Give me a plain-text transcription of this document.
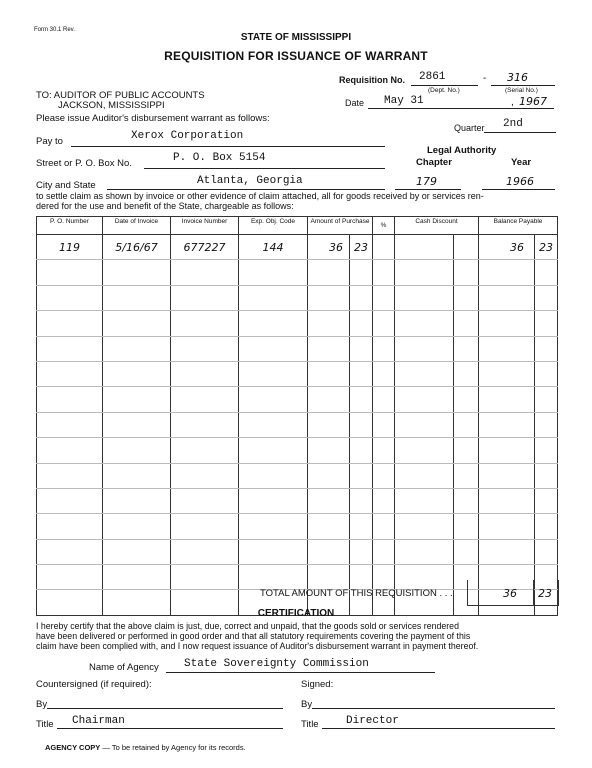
Form 30.1 Rev.
STATE OF MISSISSIPPI
REQUISITION FOR ISSUANCE OF WARRANT
Requisition No. 2861	- 316
(Dept. No.)	(Serial No.)
TO: AUDITOR OF PUBLIC ACCOUNTS
JACKSON, MISSISSIPPI
Please issue Auditor's disbursement warrant as follows:
Date May 31	, 1967
Quarter 2nd
Pay to	Xerox Corporation
Legal Authority
Chapter	Year
Street or P. O. Box No.	P. O. Box 5154
City and State	Atlanta, Georgia	179	1966
to settle claim as shown by invoice or other evidence of claim attached, all for goods received by or services ren-
dered for the use and benefit of the State, chargeable as follows:
P. O. Number	Date of Invoice	Invoice Number	Exp. Obj. Code	Amount of Purchase		%	Cash Discount		Balance Payable	
119	5/16/67	677227	144	36	23				36	23

TOTAL AMOUNT OF THIS REQUISITION . . .	36 23
CERTIFICATION
I hereby certify that the above claim is just, due, correct and unpaid, that the goods sold or services rendered
have been delivered or performed in good order and that all statutory requirements covering the payment of this
claim have been complied with, and I now request issuance of Auditor's disbursement warrant in payment thereof.
Name of Agency State Sovereignty Commission
Countersigned (if required):	Signed:
By	By
Title Chairman	Title Director
AGENCY COPY — To be retained by Agency for its records.
